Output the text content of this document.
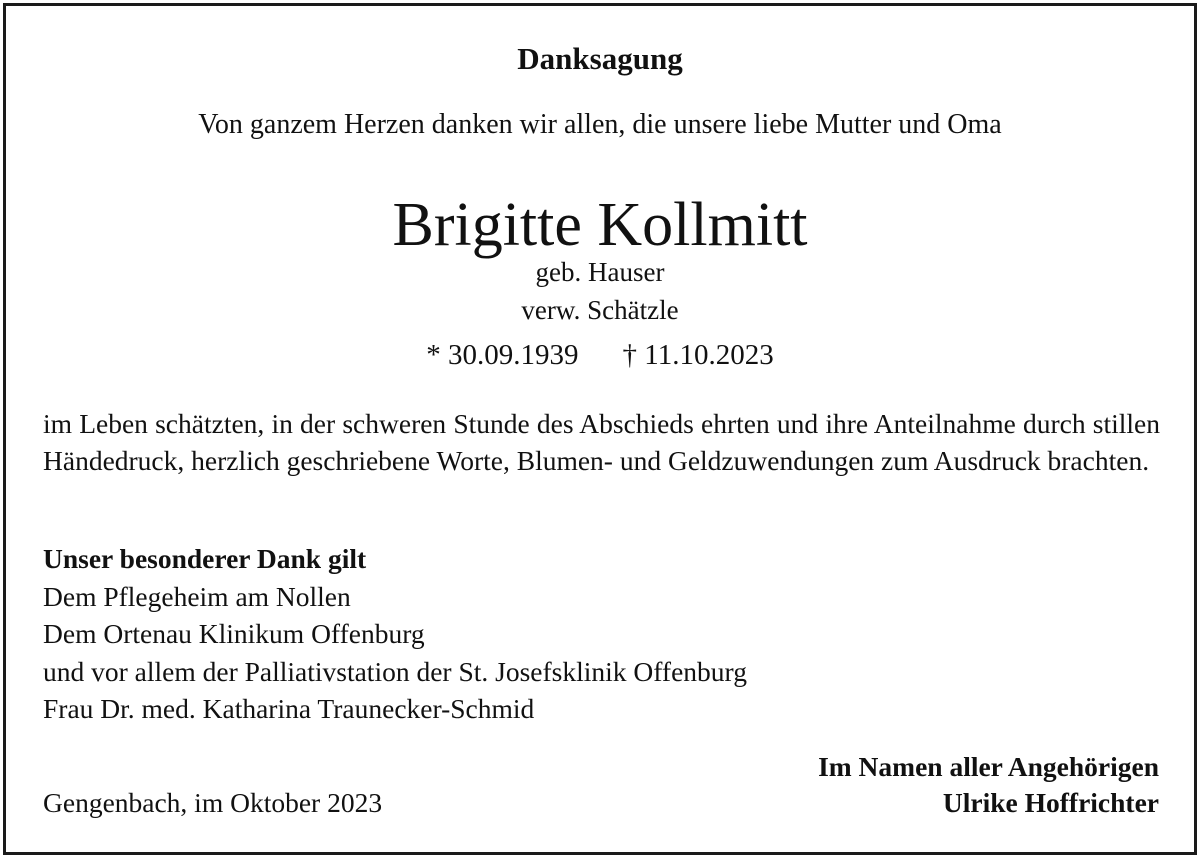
Danksagung
Von ganzem Herzen danken wir allen, die unsere liebe Mutter und Oma
Brigitte Kollmitt
geb. Hauser
verw. Schätzle
* 30.09.1939 † 11.10.2023
im Leben schätzten, in der schweren Stunde des Abschieds ehrten und ihre Anteilnahme durch stillen Händedruck, herzlich geschriebene Worte, Blumen- und Geldzuwendungen zum Ausdruck brachten.
Unser besonderer Dank gilt
Dem Pflegeheim am Nollen
Dem Ortenau Klinikum Offenburg
und vor allem der Palliativstation der St. Josefsklinik Offenburg
Frau Dr. med. Katharina Traunecker-Schmid
Gengenbach, im Oktober 2023
Im Namen aller Angehörigen
Ulrike Hoffrichter
